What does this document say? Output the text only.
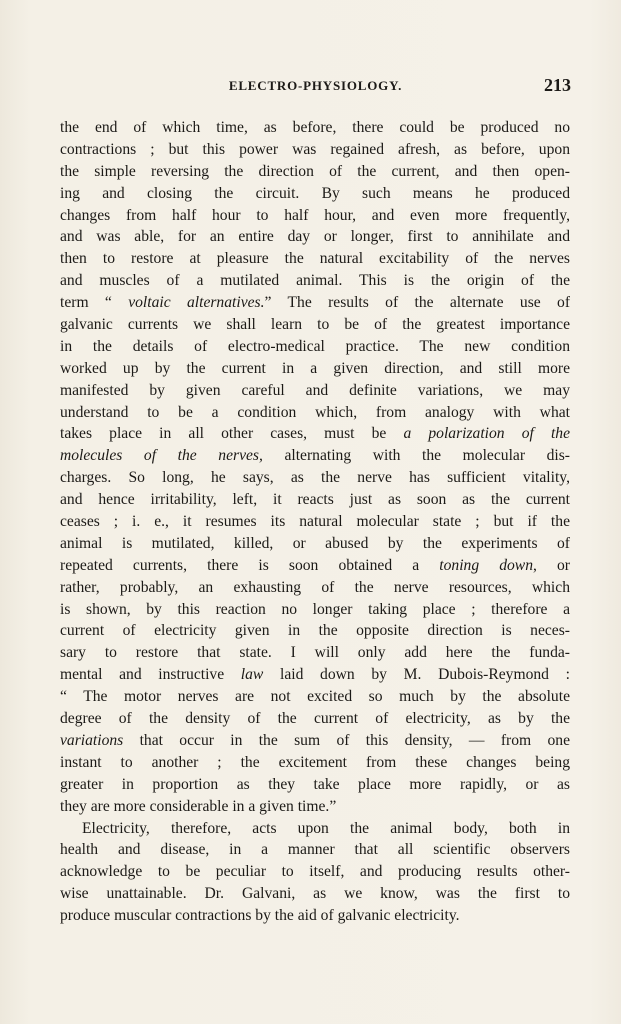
ELECTRO-PHYSIOLOGY.	213
the end of which time, as before, there could be produced no
contractions ; but this power was regained afresh, as before, upon
the simple reversing the direction of the current, and then open-
ing and closing the circuit. By such means he produced
changes from half hour to half hour, and even more frequently,
and was able, for an entire day or longer, first to annihilate and
then to restore at pleasure the natural excitability of the nerves
and muscles of a mutilated animal. This is the origin of the
term “ voltaic alternatives.” The results of the alternate use of
galvanic currents we shall learn to be of the greatest importance
in the details of electro-medical practice. The new condition
worked up by the current in a given direction, and still more
manifested by given careful and definite variations, we may
understand to be a condition which, from analogy with what
takes place in all other cases, must be a polarization of the
molecules of the nerves, alternating with the molecular dis-
charges. So long, he says, as the nerve has sufficient vitality,
and hence irritability, left, it reacts just as soon as the current
ceases ; i. e., it resumes its natural molecular state ; but if the
animal is mutilated, killed, or abused by the experiments of
repeated currents, there is soon obtained a toning down, or
rather, probably, an exhausting of the nerve resources, which
is shown, by this reaction no longer taking place ; therefore a
current of electricity given in the opposite direction is neces-
sary to restore that state. I will only add here the funda-
mental and instructive law laid down by M. Dubois-Reymond :
“ The motor nerves are not excited so much by the absolute
degree of the density of the current of electricity, as by the
variations that occur in the sum of this density, — from one
instant to another ; the excitement from these changes being
greater in proportion as they take place more rapidly, or as
they are more considerable in a given time.”
Electricity, therefore, acts upon the animal body, both in
health and disease, in a manner that all scientific observers
acknowledge to be peculiar to itself, and producing results other-
wise unattainable. Dr. Galvani, as we know, was the first to
produce muscular contractions by the aid of galvanic electricity.
